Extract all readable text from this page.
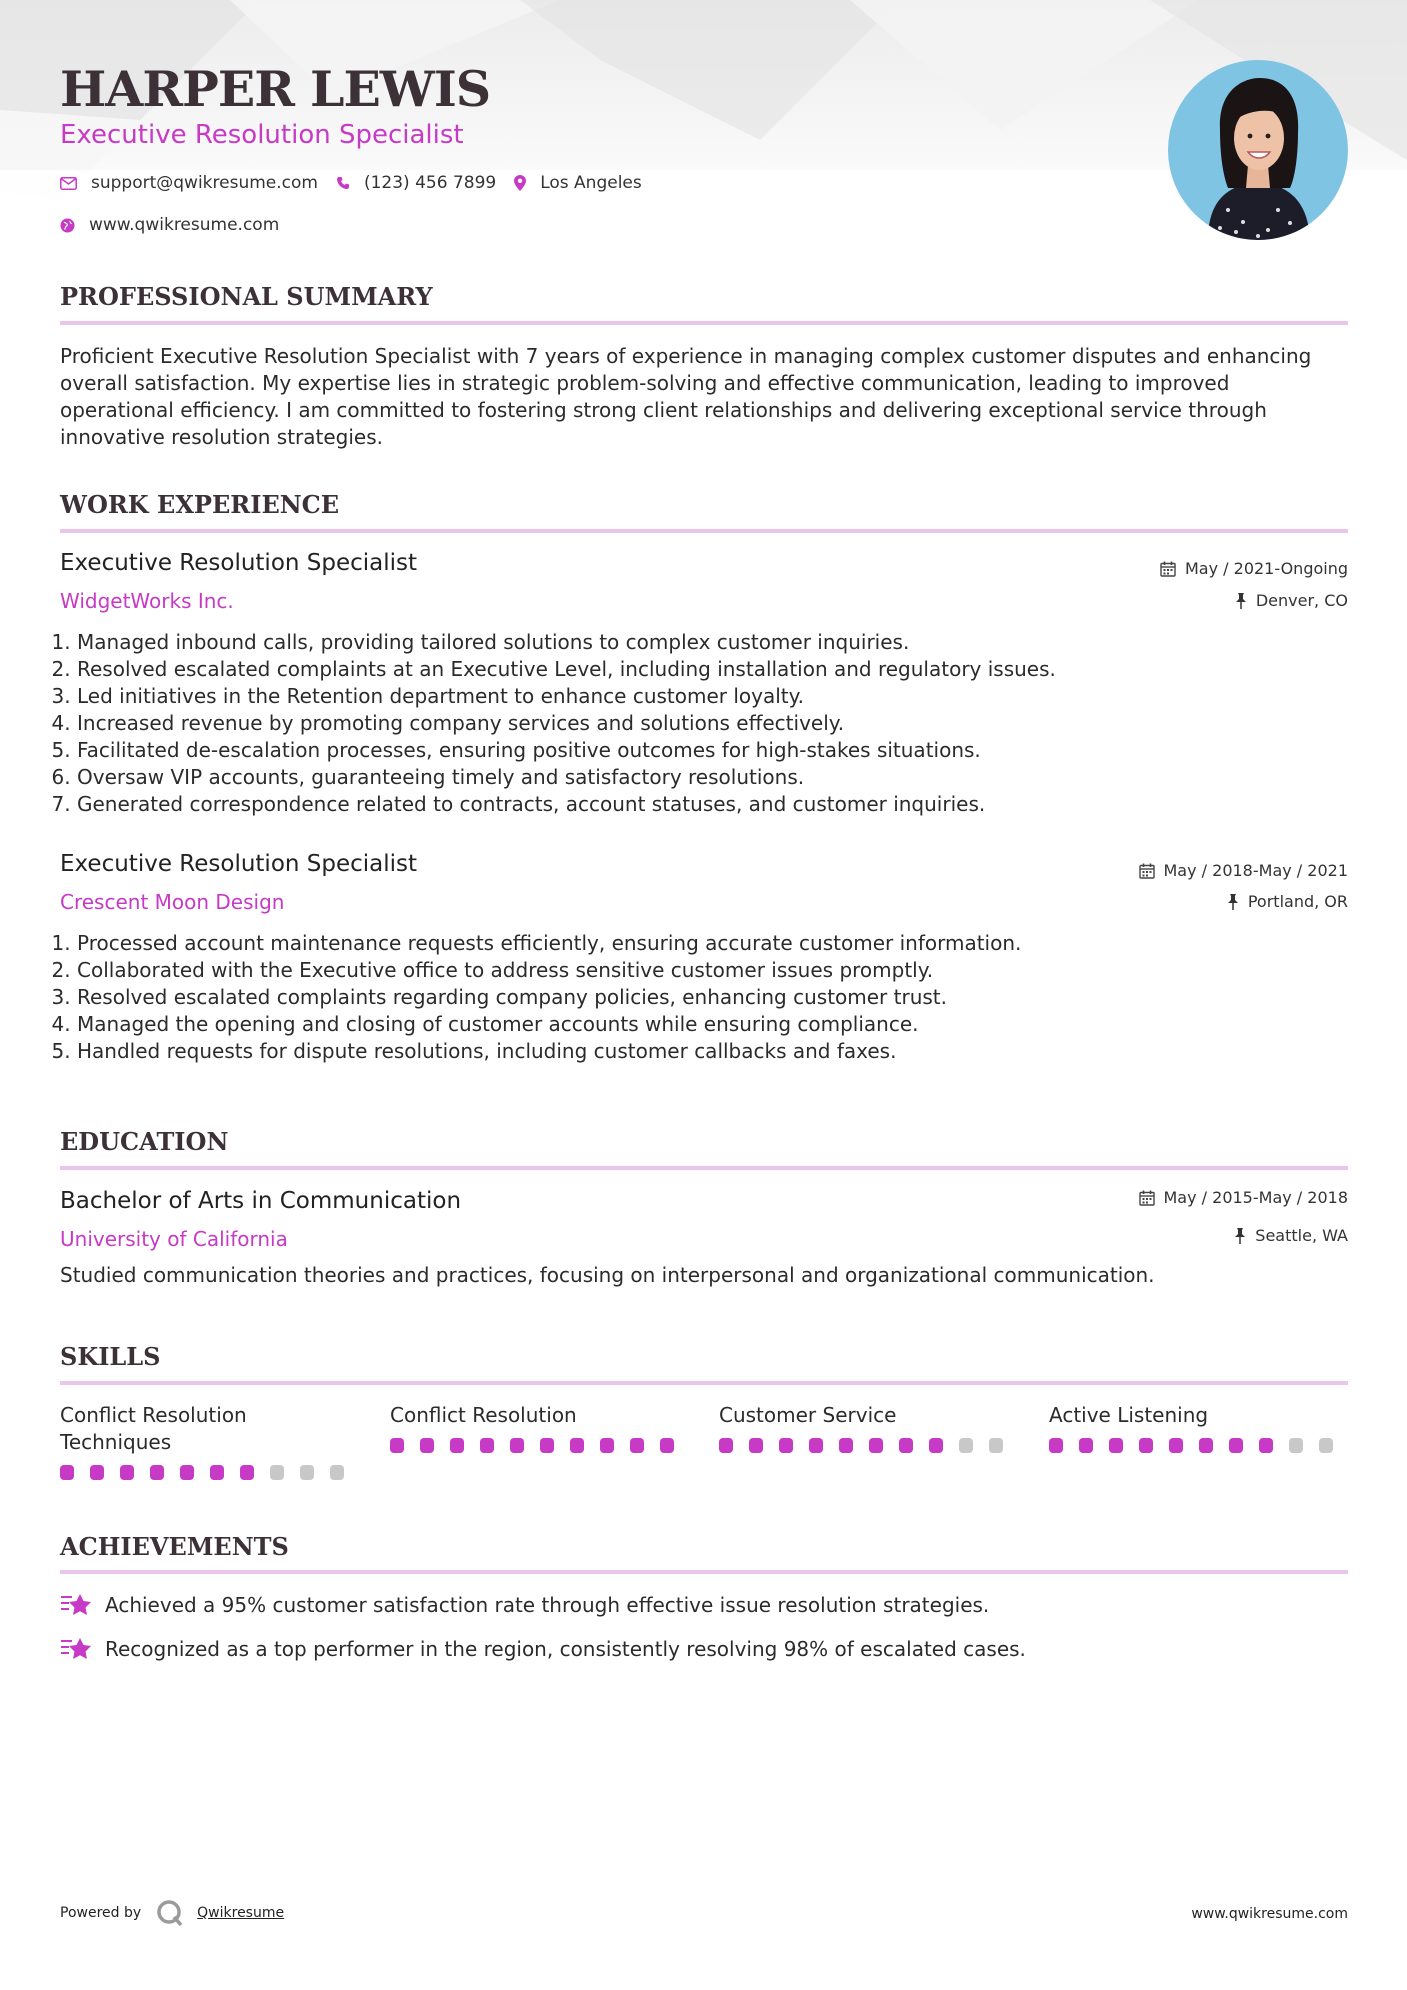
HARPER LEWIS
Executive Resolution Specialist
support@qwikresume.com	(123) 456 7899	Los Angeles
www.qwikresume.com
PROFESSIONAL SUMMARY
Proficient Executive Resolution Specialist with 7 years of experience in managing complex customer disputes and enhancing overall satisfaction. My expertise lies in strategic problem-solving and effective communication, leading to improved operational efficiency. I am committed to fostering strong client relationships and delivering exceptional service through innovative resolution strategies.
WORK EXPERIENCE
Executive Resolution Specialist
WidgetWorks Inc.
May / 2021-Ongoing
Denver, CO
1. Managed inbound calls, providing tailored solutions to complex customer inquiries.
2. Resolved escalated complaints at an Executive Level, including installation and regulatory issues.
3. Led initiatives in the Retention department to enhance customer loyalty.
4. Increased revenue by promoting company services and solutions effectively.
5. Facilitated de-escalation processes, ensuring positive outcomes for high-stakes situations.
6. Oversaw VIP accounts, guaranteeing timely and satisfactory resolutions.
7. Generated correspondence related to contracts, account statuses, and customer inquiries.
Executive Resolution Specialist
Crescent Moon Design
May / 2018-May / 2021
Portland, OR
1. Processed account maintenance requests efficiently, ensuring accurate customer information.
2. Collaborated with the Executive office to address sensitive customer issues promptly.
3. Resolved escalated complaints regarding company policies, enhancing customer trust.
4. Managed the opening and closing of customer accounts while ensuring compliance.
5. Handled requests for dispute resolutions, including customer callbacks and faxes.
EDUCATION
Bachelor of Arts in Communication
University of California
May / 2015-May / 2018
Seattle, WA
Studied communication theories and practices, focusing on interpersonal and organizational communication.
SKILLS
Conflict Resolution Techniques
Conflict Resolution	Customer Service	Active Listening
ACHIEVEMENTS
Achieved a 95% customer satisfaction rate through effective issue resolution strategies.
Recognized as a top performer in the region, consistently resolving 98% of escalated cases.
Powered by	Qwikresume	www.qwikresume.com
